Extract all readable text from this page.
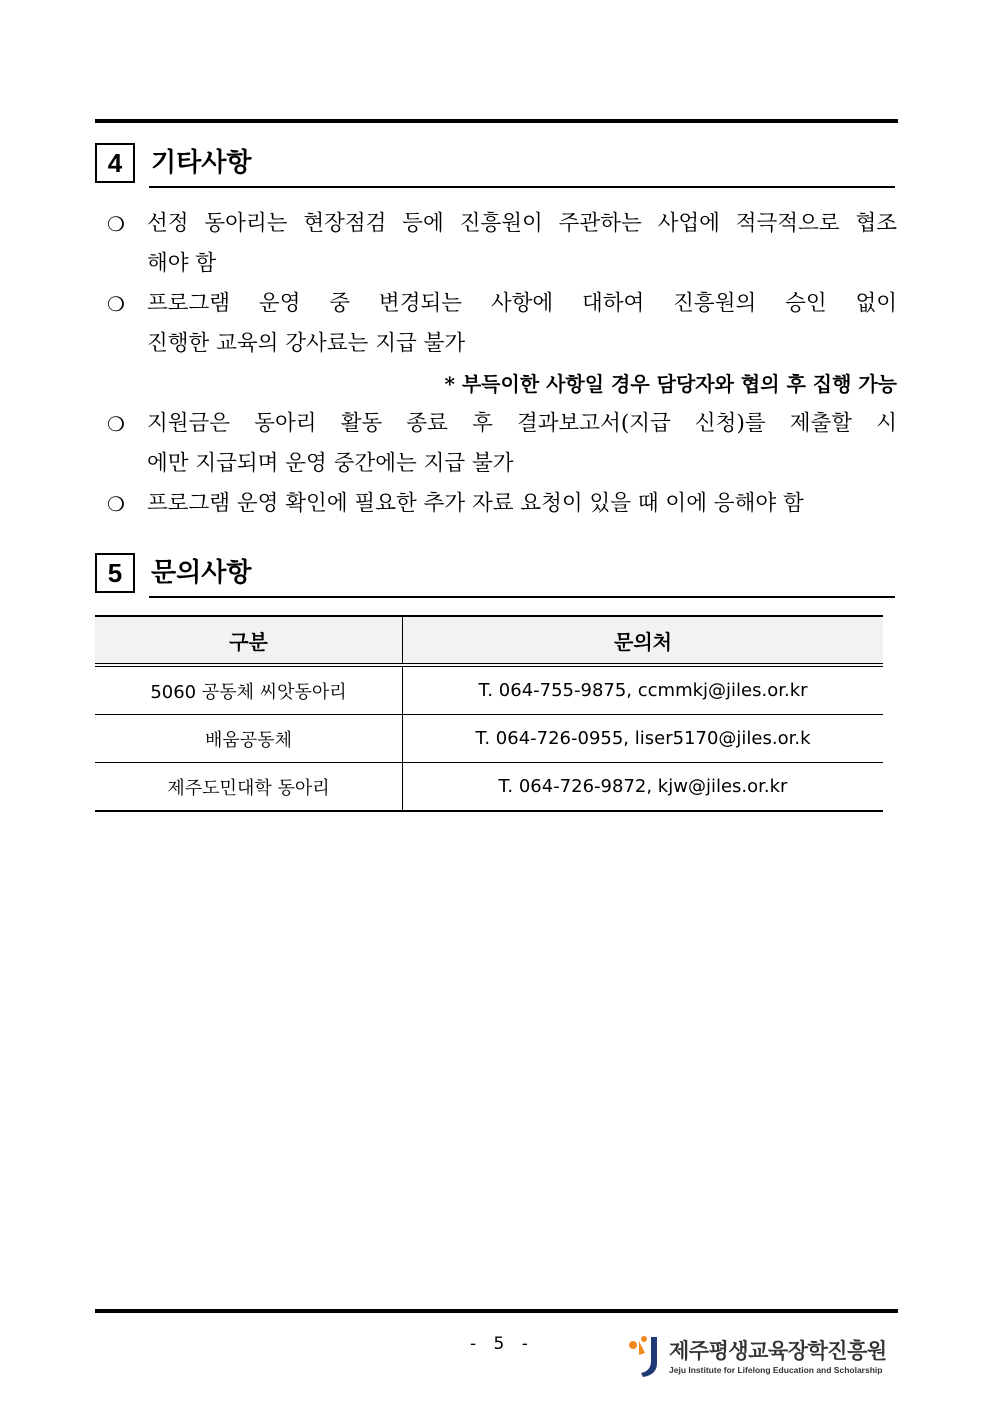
4	기타사항
❍ 선정 동아리는 현장점검 등에 진흥원이 주관하는 사업에 적극적으로 협조
해야 함
❍ 프로그램 운영 중 변경되는 사항에 대하여 진흥원의 승인 없이
진행한 교육의 강사료는 지급 불가
* 부득이한 사항일 경우 담당자와 협의 후 집행 가능
❍ 지원금은 동아리 활동 종료 후 결과보고서(지급 신청)를 제출할 시
에만 지급되며 운영 중간에는 지급 불가
❍ 프로그램 운영 확인에 필요한 추가 자료 요청이 있을 때 이에 응해야 함
5	문의사항
구분	문의처
5060 공동체 씨앗동아리	T. 064-755-9875, ccmmkj@jiles.or.kr
배움공동체	T. 064-726-0955, liser5170@jiles.or.k
제주도민대학 동아리	T. 064-726-9872, kjw@jiles.or.kr
- 5 -	제주평생교육장학진흥원
Jeju Institute for Lifelong Education and Scholarship
